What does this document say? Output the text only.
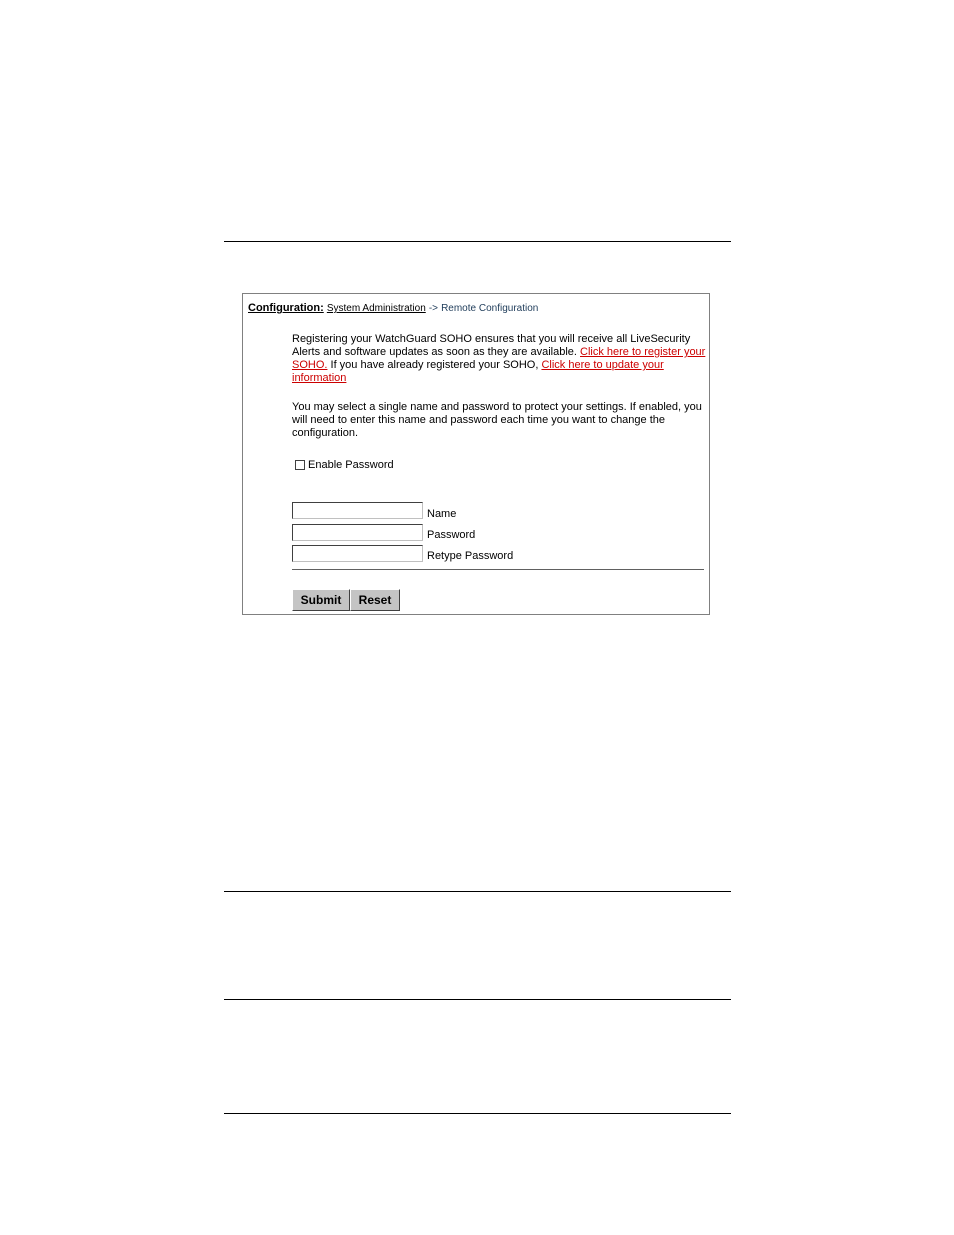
Configuration: System Administration -> Remote Configuration
Registering your WatchGuard SOHO ensures that you will receive all LiveSecurity Alerts and software updates as soon as they are available. Click here to register your SOHO. If you have already registered your SOHO, Click here to update your information
You may select a single name and password to protect your settings. If enabled, you will need to enter this name and password each time you want to change the configuration.
Enable Password
Name
Password
Retype Password
Submit	Reset
